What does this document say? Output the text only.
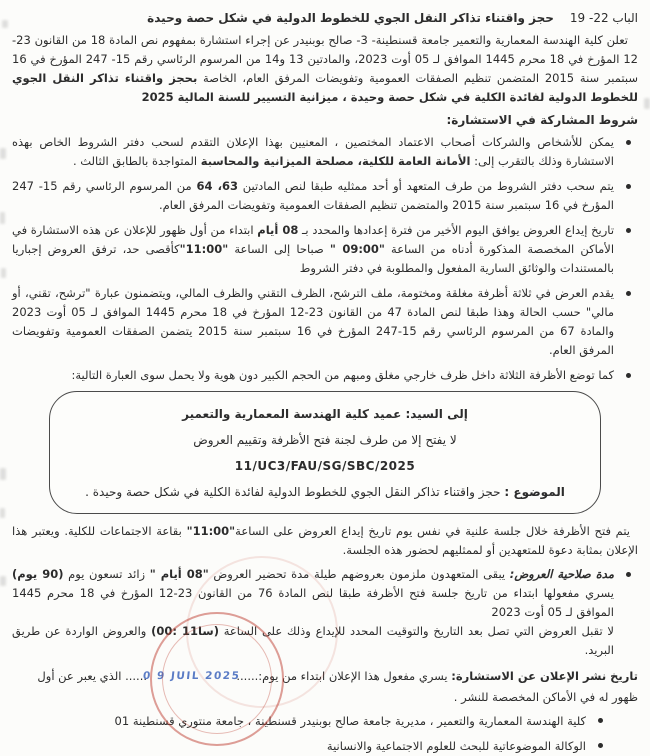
الباب 22- 19حجز واقتناء تذاكر النقل الجوي للخطوط الدولية في شكل حصة وحيدة

تعلن كلية الهندسة المعمارية والتعمير جامعة قسنطينة- 3- صالح بوبنيدر عن إجراء استشارة بمفهوم نص المادة 18 من القانون 23-12 المؤرخ في 18 محرم 1445 الموافق لـ 05 أوت 2023، والمادتين 13 و14 من المرسوم الرئاسي رقم 15- 247 المؤرخ في 16 سبتمبر سنة 2015 المتضمن تنظيم الصفقات العمومية وتفويضات المرفق العام، الخاصة بحجز واقتناء تذاكر النقل الجوي للخطوط الدولية لفائدة الكلية في شكل حصة وحيدة ، ميزانية التسيير للسنة المالية 2025

شروط المشاركة في الاستشارة:

يمكن للأشخاص والشركات أصحاب الاعتماد المختصين ، المعنيين بهذا الإعلان التقدم لسحب دفتر الشروط الخاص بهذه الاستشارة وذلك بالتقرب إلى: الأمانة العامة للكلية، مصلحة الميزانية والمحاسبة المتواجدة بالطابق الثالث .

يتم سحب دفتر الشروط من طرف المتعهد أو أحد ممثليه طبقا لنص المادتين 63، 64 من المرسوم الرئاسي رقم 15- 247 المؤرخ في 16 سبتمبر سنة 2015 والمتضمن تنظيم الصفقات العمومية وتفويضات المرفق العام.

تاريخ إيداع العروض يوافق اليوم الأخير من فترة إعدادها والمحدد بـ 08 أيام ابتداء من أول ظهور للإعلان عن هذه الاستشارة في الأماكن المخصصة المذكورة أدناه من الساعة "09:00 " صباحا إلى الساعة "11:00"كأقصى حد، ترفق العروض إجباريا بالمستندات والوثائق السارية المفعول والمطلوبة في دفتر الشروط

يقدم العرض في ثلاثة أظرفة مغلقة ومختومة، ملف الترشح، الظرف التقني والظرف المالي، ويتضمنون عبارة "ترشح، تقني، أو مالي" حسب الحالة وهذا طبقا لنص المادة 47 من القانون 23-12 المؤرخ في 18 محرم 1445 الموافق لـ 05 أوت 2023 والمادة 67 من المرسوم الرئاسي رقم 15-247 المؤرخ في 16 سبتمبر سنة 2015 يتضمن الصفقات العمومية وتفويضات المرفق العام.

كما توضع الأظرفة الثلاثة داخل ظرف خارجي مغلق ومبهم من الحجم الكبير دون هوية ولا يحمل سوى العبارة التالية:

إلى السيد: عميد كلية الهندسة المعمارية والتعمير
لا يفتح إلا من طرف لجنة فتح الأظرفة وتقييم العروض
11/UC3/FAU/SG/SBC/2025
الموضوع : حجز واقتناء تذاكر النقل الجوي للخطوط الدولية لفائدة الكلية في شكل حصة وحيدة .

يتم فتح الأظرفة خلال جلسة علنية في نفس يوم تاريخ إيداع العروض على الساعة"11:00" بقاعة الاجتماعات للكلية. ويعتبر هذا الإعلان بمثابة دعوة للمتعهدين أو لممثليهم لحضور هذه الجلسة.

مدة صلاحية العروض: يبقى المتعهدون ملزمون بعروضهم طيلة مدة تحضير العروض "08 أيام " زائد تسعون يوم (90 يوم) يسري مفعولها ابتداء من تاريخ جلسة فتح الأظرفة طبقا لنص المادة 76 من القانون 23-12 المؤرخ في 18 محرم 1445 الموافق لـ 05 أوت 2023

لا تقبل العروض التي تصل بعد التاريخ والتوقيت المحدد للإيداع وذلك على الساعة (00: 11سا) والعروض الواردة عن طريق البريد.

تاريخ نشر الإعلان عن الاستشارة: يسري مفعول هذا الإعلان ابتداء من يوم:......0 9 JUIL 2025...... الذي يعبر عن أول ظهور له في الأماكن المخصصة للنشر .

كلية الهندسة المعمارية والتعمير ، مديرية جامعة صالح بوبنيدر قسنطينة ، جامعة منتوري قسنطينة 01

الوكالة الموضوعاتية للبحث للعلوم الاجتماعية والانسانية
